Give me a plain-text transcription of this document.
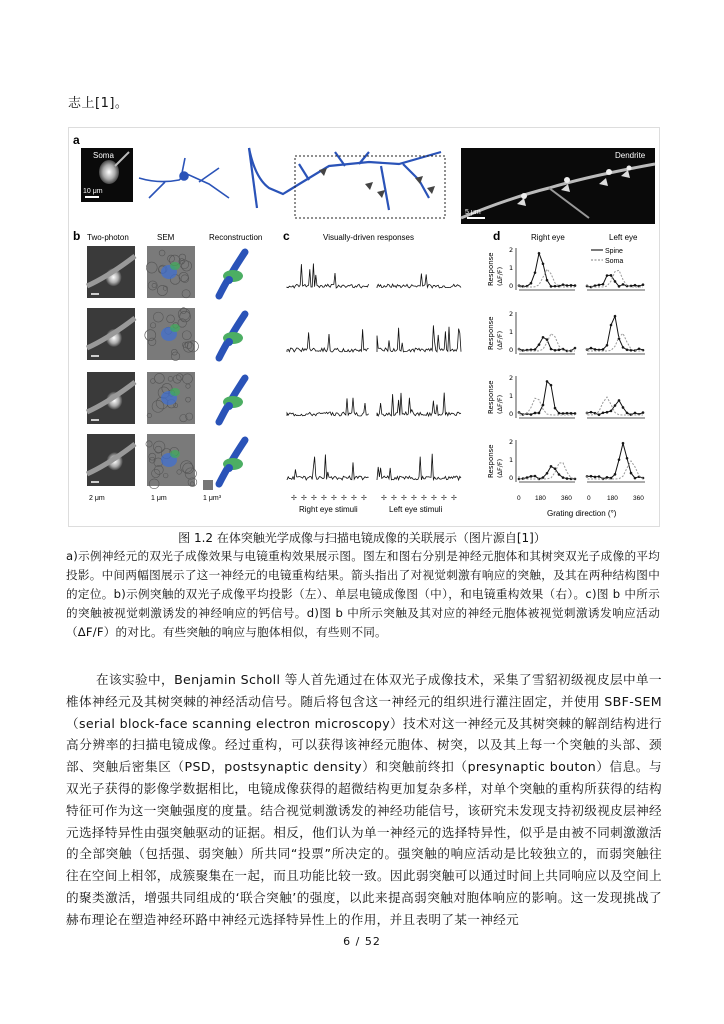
志上[1]。
a
Soma
10 μm
Dendrite
5 μm
b Two-photon	SEM	Reconstruction
2 μm	1 μm	1 μm³
c	Visually-driven responses
✢	✢
✢	✢
✢	✢
✢	✢
✢	✢
✢	✢
✢	✢
✢	✢
Right eye stimuli	Left eye stimuli
d	Right eye	Left eye
Spine
Soma
Response (ΔF/F)
2
1
0
Response (ΔF/F)
2
1
0
Response (ΔF/F)
2
1
0
Response (ΔF/F)
2
1
0
0 180 360 0	180 360
Grating direction (°)
图 1.2 在体突触光学成像与扫描电镜成像的关联展示（图片源自[1]）
a)示例神经元的双光子成像效果与电镜重构效果展示图。图左和图右分别是神经元胞体和其树突双光子成像的平均投影。中间两幅图展示了这一神经元的电镜重构结果。箭头指出了对视觉刺激有响应的突触，及其在两种结构图中的定位。b)示例突触的双光子成像平均投影（左）、单层电镜成像图（中），和电镜重构效果（右）。c)图 b 中所示的突触被视觉刺激诱发的神经响应的钙信号。d)图 b 中所示突触及其对应的神经元胞体被视觉刺激诱发响应活动（ΔF/F）的对比。有些突触的响应与胞体相似，有些则不同。
在该实验中，Benjamin Scholl 等人首先通过在体双光子成像技术，采集了雪貂初级视皮层中单一椎体神经元及其树突棘的神经活动信号。随后将包含这一神经元的组织进行灌注固定，并使用 SBF-SEM（serial block-face scanning electron microscopy）技术对这一神经元及其树突棘的解剖结构进行高分辨率的扫描电镜成像。经过重构，可以获得该神经元胞体、树突，以及其上每一个突触的头部、颈部、突触后密集区（PSD，postsynaptic density）和突触前终扣（presynaptic bouton）信息。与双光子获得的影像学数据相比，电镜成像获得的超微结构更加复杂多样，对单个突触的重构所获得的结构特征可作为这一突触强度的度量。结合视觉刺激诱发的神经功能信号，该研究未发现支持初级视皮层神经元选择特异性由强突触驱动的证据。相反，他们认为单一神经元的选择特异性，似乎是由被不同刺激激活的全部突触（包括强、弱突触）所共同“投票”所决定的。强突触的响应活动是比较独立的，而弱突触往往在空间上相邻，成簇聚集在一起，而且功能比较一致。因此弱突触可以通过时间上共同响应以及空间上的聚类激活，增强共同组成的‘联合突触’的强度，以此来提高弱突触对胞体响应的影响。这一发现挑战了赫布理论在塑造神经环路中神经元选择特异性上的作用，并且表明了某一神经元
6 / 52
